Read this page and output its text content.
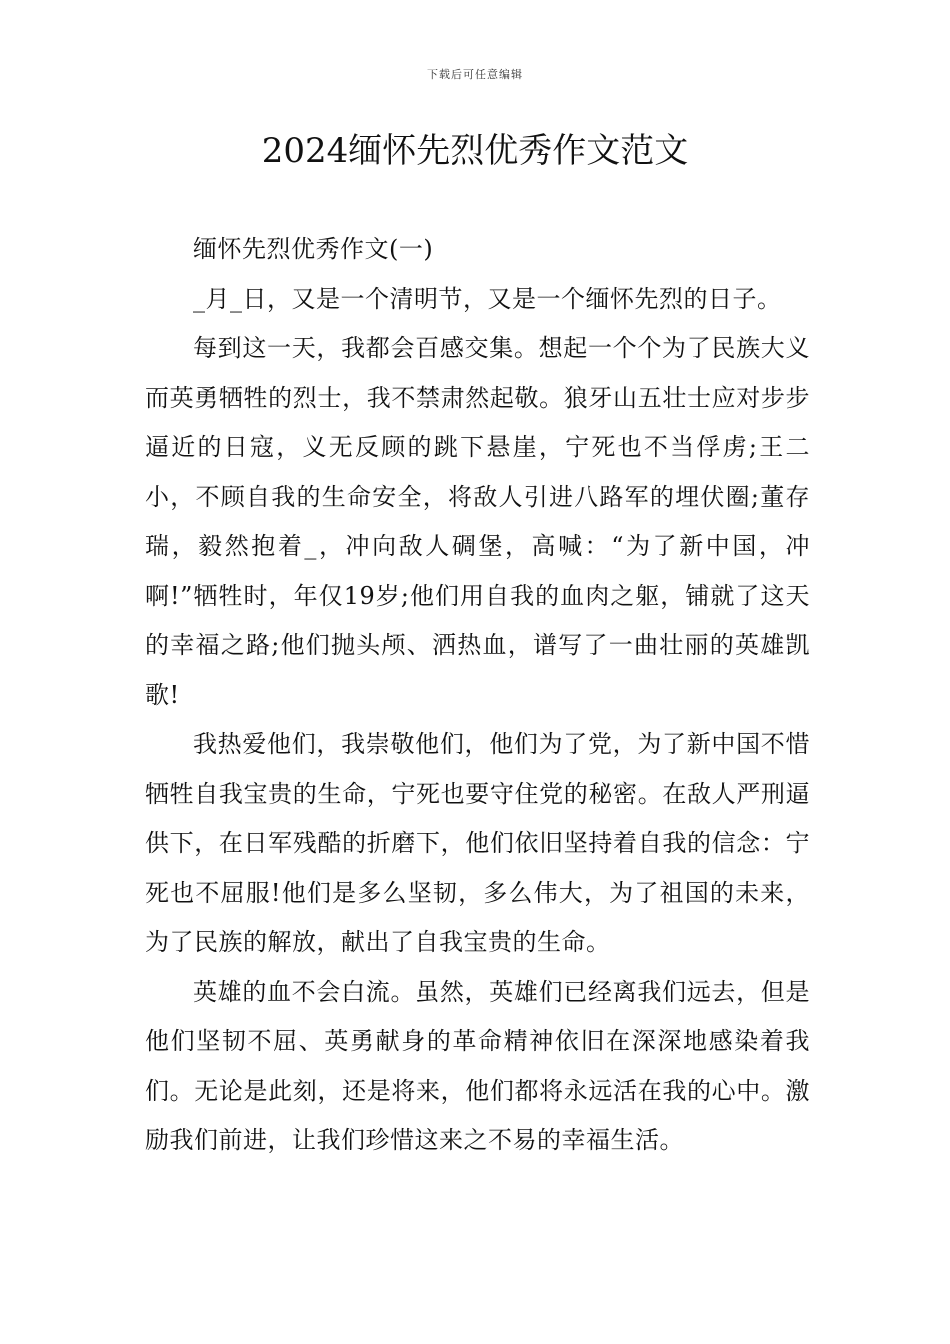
下载后可任意编辑
2024缅怀先烈优秀作文范文

缅怀先烈优秀作文(一)

_月_日，又是一个清明节，又是一个缅怀先烈的日子。

每到这一天，我都会百感交集。想起一个个为了民族大义而英勇牺牲的烈士，我不禁肃然起敬。狼牙山五壮士应对步步逼近的日寇，义无反顾的跳下悬崖，宁死也不当俘虏;王二小，不顾自我的生命安全，将敌人引进八路军的埋伏圈;董存瑞，毅然抱着_，冲向敌人碉堡，高喊：“为了新中国，冲啊!”牺牲时，年仅19岁;他们用自我的血肉之躯，铺就了这天的幸福之路;他们抛头颅、洒热血，谱写了一曲壮丽的英雄凯歌!

我热爱他们，我崇敬他们，他们为了党，为了新中国不惜牺牲自我宝贵的生命，宁死也要守住党的秘密。在敌人严刑逼供下，在日军残酷的折磨下，他们依旧坚持着自我的信念：宁死也不屈服!他们是多么坚韧，多么伟大，为了祖国的未来，为了民族的解放，献出了自我宝贵的生命。

英雄的血不会白流。虽然，英雄们已经离我们远去，但是他们坚韧不屈、英勇献身的革命精神依旧在深深地感染着我们。无论是此刻，还是将来，他们都将永远活在我的心中。激励我们前进，让我们珍惜这来之不易的幸福生活。
